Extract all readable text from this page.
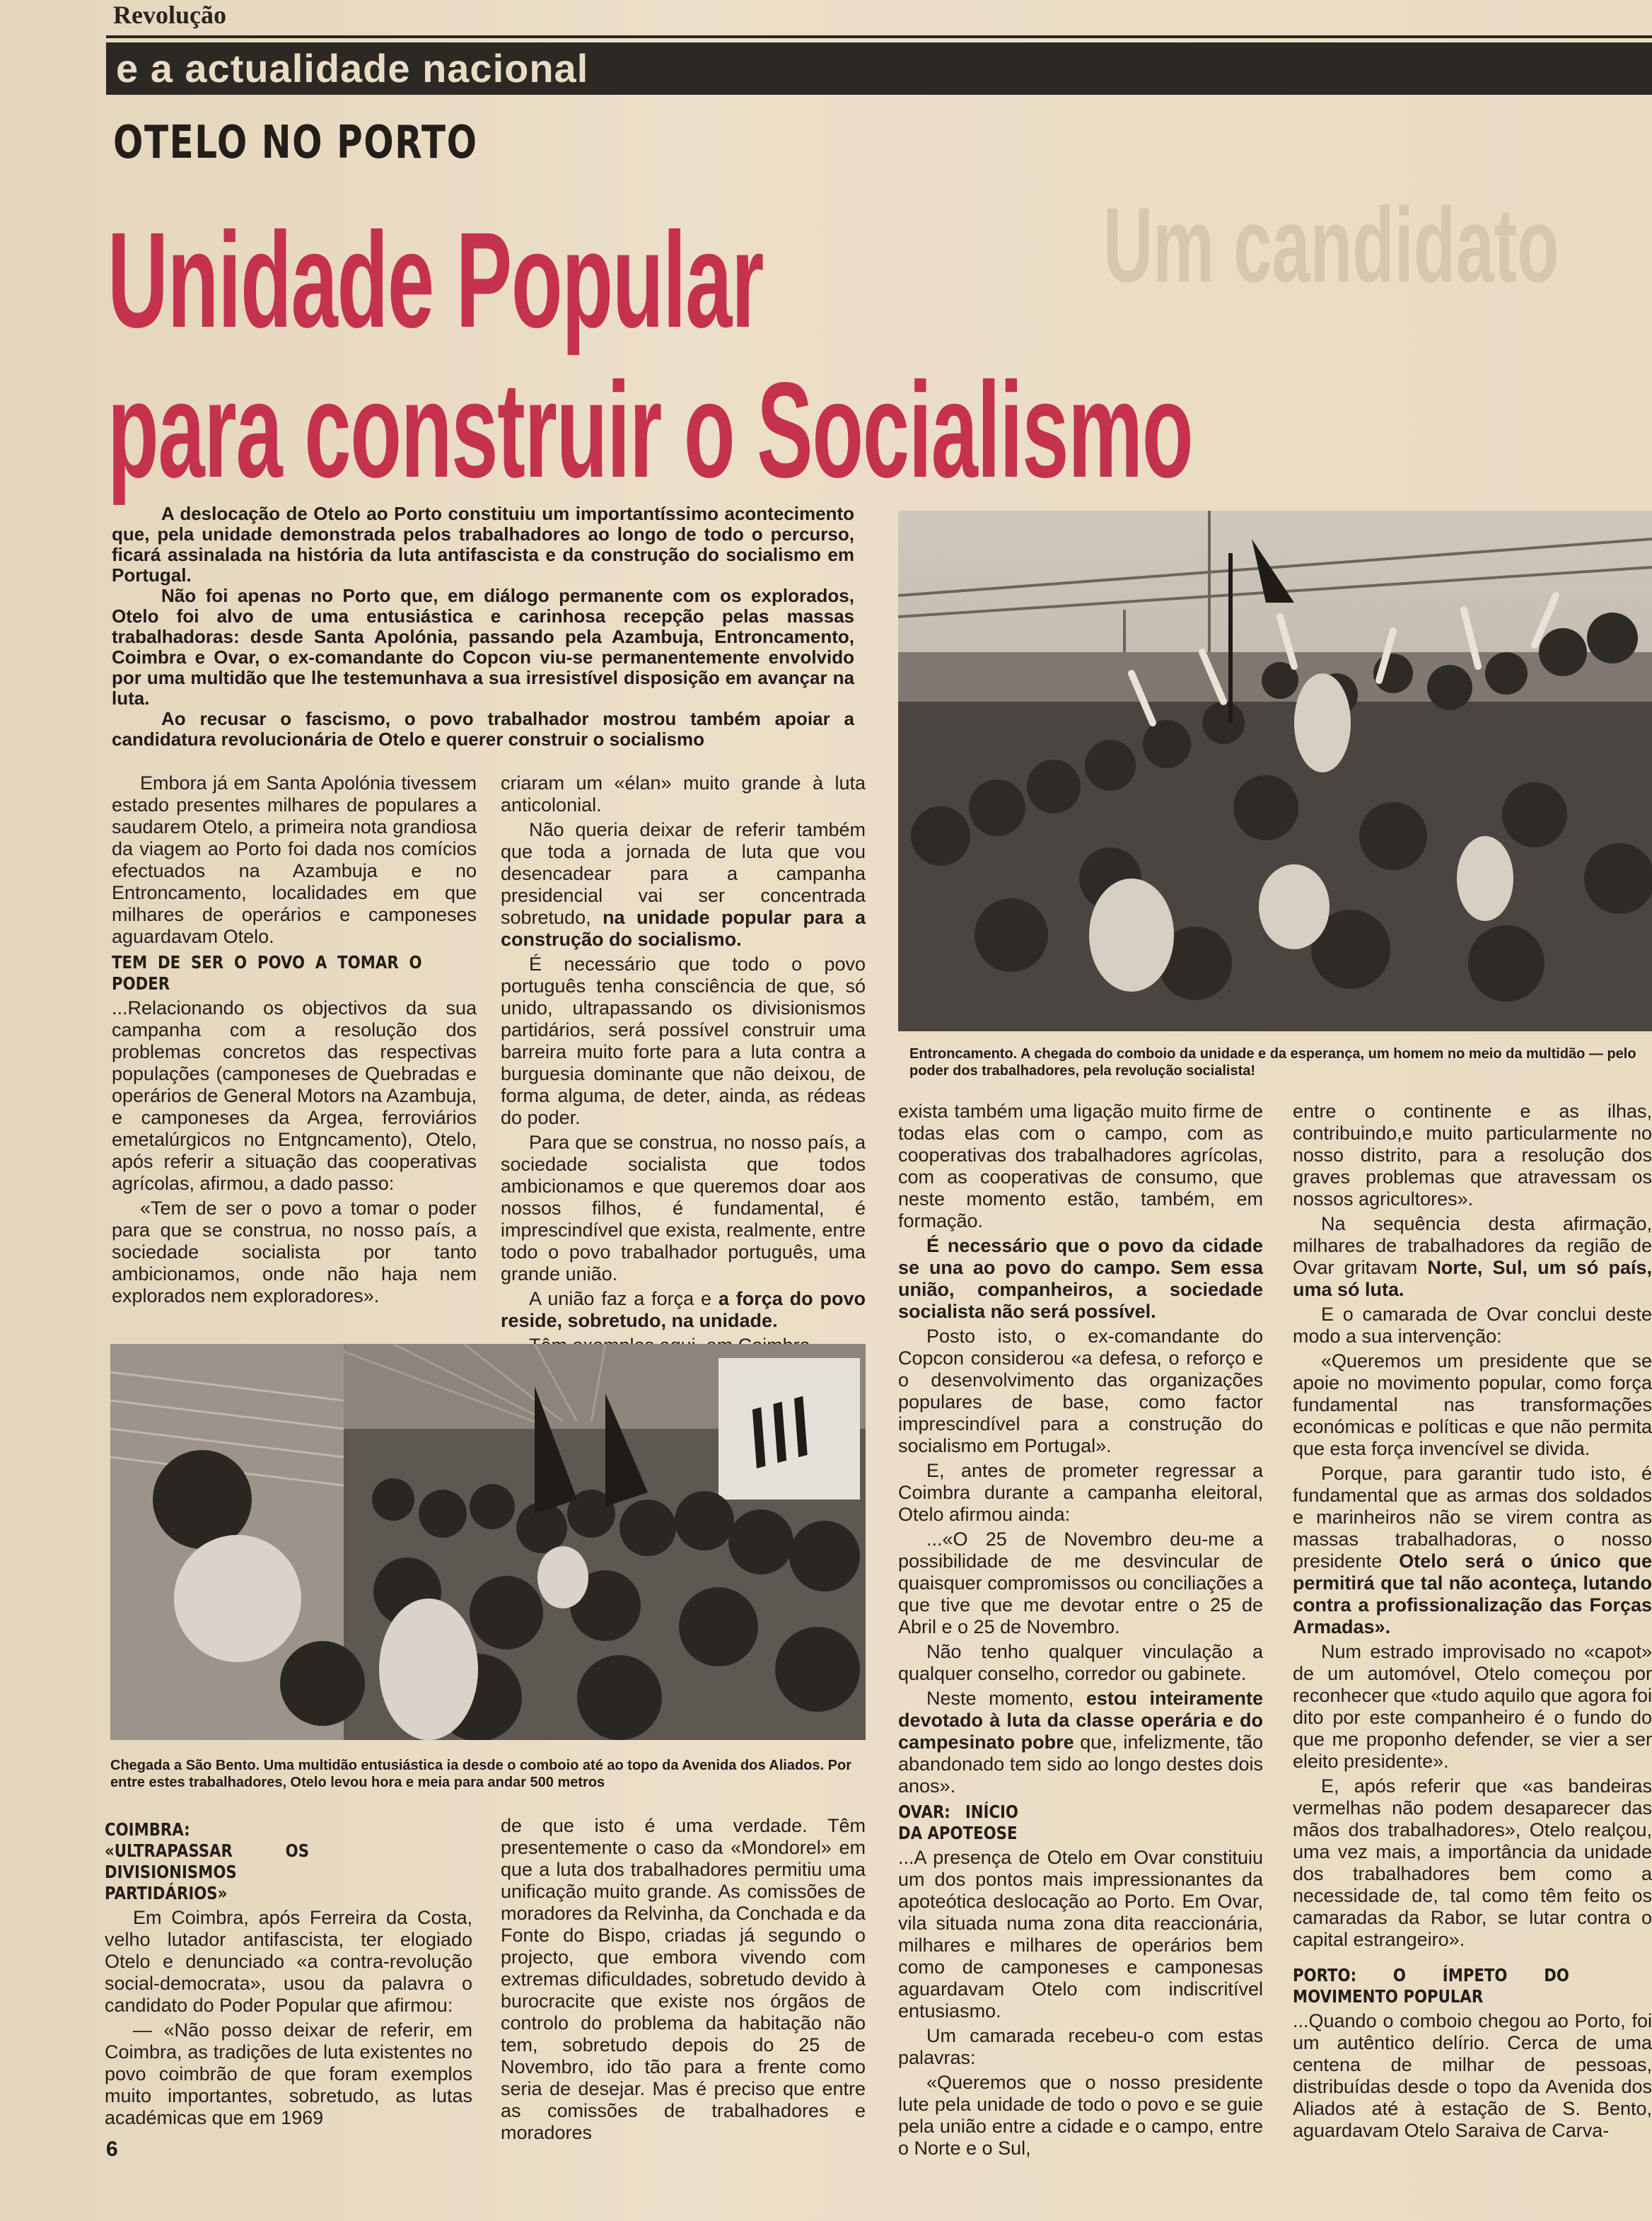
Revolução
e a actualidade nacional
Um candidato
OTELO NO PORTO
Unidade Popular
para construir o Socialismo

A deslocação de Otelo ao Porto constituiu um importantíssimo acontecimento que, pela unidade demonstrada pelos trabalhadores ao longo de todo o percurso, ficará assinalada na história da luta antifascista e da construção do socialismo em Portugal.

Não foi apenas no Porto que, em diálogo permanente com os explorados, Otelo foi alvo de uma entusiástica e carinhosa recepção pelas massas trabalhadoras: desde Santa Apolónia, passando pela Azambuja, Entroncamento, Coimbra e Ovar, o ex-comandante do Copcon viu-se permanentemente envolvido por uma multidão que lhe testemunhava a sua irresistível disposição em avançar na luta.

Ao recusar o fascismo, o povo trabalhador mostrou também apoiar a candidatura revolucionária de Otelo e querer construir o socialismo

Entroncamento. A chegada do comboio da unidade e da esperança, um homem no meio da multidão — pelo poder dos trabalhadores, pela revolução socialista!

Embora já em Santa Apolónia tivessem estado presentes milhares de populares a saudarem Otelo, a primeira nota grandiosa da viagem ao Porto foi dada nos comícios efectuados na Azambuja e no Entroncamento, localidades em que milhares de operários e camponeses aguardavam Otelo.

TEM DE SER O POVO A TOMAR O PODER

...Relacionando os objectivos da sua campanha com a resolução dos problemas concretos das respectivas populações (camponeses de Quebradas e operários de General Motors na Azambuja, e camponeses da Argea, ferroviários emetalúrgicos no Entgncamento), Otelo, após referir a situação das cooperativas agrícolas, afirmou, a dado passo:

«Tem de ser o povo a tomar o poder para que se construa, no nosso país, a sociedade socialista por tanto ambicionamos, onde não haja nem explorados nem exploradores».

criaram um «élan» muito grande à luta anticolonial.

Não queria deixar de referir também que toda a jornada de luta que vou desencadear para a campanha presidencial vai ser concentrada sobretudo, na unidade popular para a construção do socialismo.

É necessário que todo o povo português tenha consciência de que, só unido, ultrapassando os divisionismos partidários, será possível construir uma barreira muito forte para a luta contra a burguesia dominante que não deixou, de forma alguma, de deter, ainda, as rédeas do poder.

Para que se construa, no nosso país, a sociedade socialista que todos ambicionamos e que queremos doar aos nossos filhos, é fundamental, é imprescindível que exista, realmente, entre todo o povo trabalhador português, uma grande união.

A união faz a força e a força do povo reside, sobretudo, na unidade.

///
Chegada a São Bento. Uma multidão entusiástica ia desde o comboio até ao topo da Avenida dos Aliados. Por entre estes trabalhadores, Otelo levou hora e meia para andar 500 metros
COIMBRA: «ULTRAPASSAR OS DIVISIONISMOS PARTIDÁRIOS»

Em Coimbra, após Ferreira da Costa, velho lutador antifascista, ter elogiado Otelo e denunciado «a contra-revolução social-democrata», usou da palavra o candidato do Poder Popular que afirmou:

— «Não posso deixar de referir, em Coimbra, as tradições de luta existentes no povo coimbrão de que foram exemplos muito importantes, sobretudo, as lutas académicas que em 1969

de que isto é uma verdade. Têm presentemente o caso da «Mondorel» em que a luta dos trabalhadores permitiu uma unificação muito grande. As comissões de moradores da Relvinha, da Conchada e da Fonte do Bispo, criadas já segundo o projecto, que embora vivendo com extremas dificuldades, sobretudo devido à burocracite que existe nos órgãos de controlo do problema da habitação não tem, sobretudo depois do 25 de Novembro, ido tão para a frente como seria de desejar. Mas é preciso que entre as comissões de trabalhadores e moradores

exista também uma ligação muito firme de todas elas com o campo, com as cooperativas dos trabalhadores agrícolas, com as cooperativas de consumo, que neste momento estão, também, em formação.

É necessário que o povo da cidade se una ao povo do campo. Sem essa união, companheiros, a sociedade socialista não será possível.

Posto isto, o ex-comandante do Copcon considerou «a defesa, o reforço e o desenvolvimento das organizações populares de base, como factor imprescindível para a construção do socialismo em Portugal».

E, antes de prometer regressar a Coimbra durante a campanha eleitoral, Otelo afirmou ainda:

...«O 25 de Novembro deu-me a possibilidade de me desvincular de quaisquer compromissos ou conciliações a que tive que me devotar entre o 25 de Abril e o 25 de Novembro.

Não tenho qualquer vinculação a qualquer conselho, corredor ou gabinete.

Neste momento, estou inteiramente devotado à luta da classe operária e do campesinato pobre que, infelizmente, tão abandonado tem sido ao longo destes dois anos».

OVAR: INÍCIO DA APOTEOSE

...A presença de Otelo em Ovar constituiu um dos pontos mais impressionantes da apoteótica deslocação ao Porto. Em Ovar, vila situada numa zona dita reaccionária, milhares e milhares de operários bem como de camponeses e camponesas aguardavam Otelo com indiscritível entusiasmo.

Um camarada recebeu-o com estas palavras:

«Queremos que o nosso presidente lute pela unidade de todo o povo e se guie pela união entre a cidade e o campo, entre o Norte e o Sul,

entre o continente e as ilhas, contribuindo,e muito particularmente no nosso distrito, para a resolução dos graves problemas que atravessam os nossos agricultores».

Na sequência desta afirmação, milhares de trabalhadores da região de Ovar gritavam Norte, Sul, um só país, uma só luta.

E o camarada de Ovar conclui deste modo a sua intervenção:

«Queremos um presidente que se apoie no movimento popular, como força fundamental nas transformações económicas e políticas e que não permita que esta força invencível se divida.

Porque, para garantir tudo isto, é fundamental que as armas dos soldados e marinheiros não se virem contra as massas trabalhadoras, o nosso presidente Otelo será o único que permitirá que tal não aconteça, lutando contra a profissionalização das Forças Armadas».

Num estrado improvisado no «capot» de um automóvel, Otelo começou por reconhecer que «tudo aquilo que agora foi dito por este companheiro é o fundo do que me proponho defender, se vier a ser eleito presidente».

E, após referir que «as bandeiras vermelhas não podem desaparecer das mãos dos trabalhadores», Otelo realçou, uma vez mais, a importância da unidade dos trabalhadores bem como a necessidade de, tal como têm feito os camaradas da Rabor, se lutar contra o capital estrangeiro».

PORTO: O ÍMPETO DO MOVIMENTO POPULAR

...Quando o comboio chegou ao Porto, foi um autêntico delírio. Cerca de uma centena de milhar de pessoas, distribuídas desde o topo da Avenida dos Aliados até à estação de S. Bento, aguardavam Otelo Saraiva de Carva-

6
